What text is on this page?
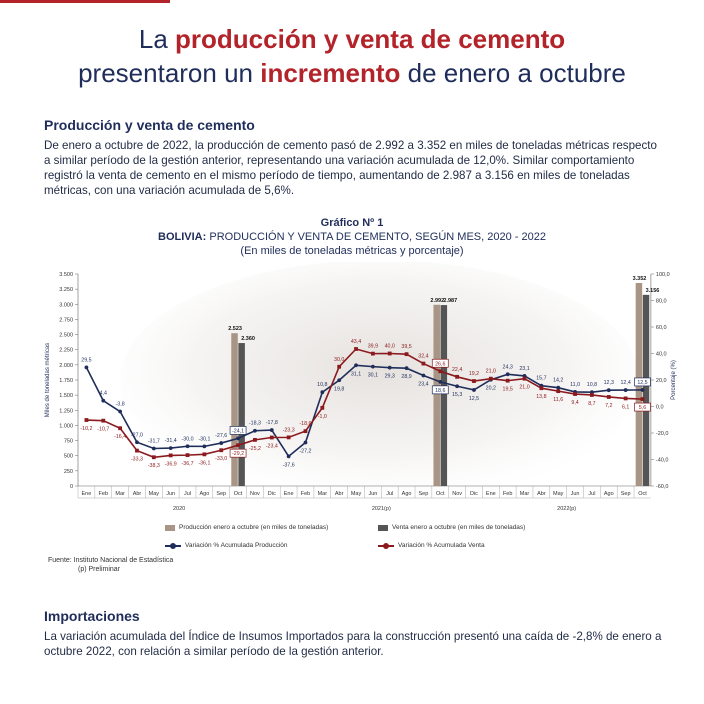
La producción y venta de cemento
presentaron un incremento de enero a octubre
Producción y venta de cemento
De enero a octubre de 2022, la producción de cemento pasó de 2.992 a 3.352 en miles de toneladas métricas respecto a similar período de la gestión anterior, representando una variación acumulada de 12,0%. Similar comportamiento registró la venta de cemento en el mismo período de tiempo, aumentando de 2.987 a 3.156 en miles de toneladas métricas, con una variación acumulada de 5,6%.
Gráfico Nº 1
BOLIVIA: PRODUCCIÓN Y VENTA DE CEMENTO, SEGÚN MES, 2020 - 2022
(En miles de toneladas métricas y porcentaje)
0
250
500
750
1.000
1.250
1.500
1.750
2.000
2.250
2.500
2.750
3.000
3.250
3.500
-60,0
-40,0
-20,0
0,0
20,0
40,0
60,0
80,0
100,0
Miles de toneladas métricas	Porcentaje (%)
Ene Feb Mar Abr May Jun Jul Ago Sep Oct Nov Dic Ene Feb Mar Abr May Jun Jul Ago Sep Oct Nov Dic Ene Feb Mar Abr May Jun Jul Ago Sep Oct
2020	2021(p)	2022(p)
2.523
2.360
2.992 2.987
3.352
3.156
29,5
4,4
-3,8
-27,0
-31,7 -31,4 -30,0 -30,1
-27,6
-24,1
-18,3 -17,8
-37,6
-27,2
10,8
19,8
31,1 30,1 29,3 28,9
23,4
18,6
15,3
12,5
20,2
24,3 23,1
15,7 14,2
11,0 10,8 12,3 12,4 12,5
-10,2 -10,7
-16,4
-33,3
-38,3 -36,9 -36,7 -36,1
-33,0
-29,2
-25,2 -23,4
-23,3
-18,6
-1,0
30,0
43,4
39,9 40,0 39,5
32,4
26,6
22,4
19,2 21,0
19,5 21,0
13,8 11,6 9,4 8,7 7,2 6,1 5,6
Producción enero a octubre (en miles de toneladas)	Venta enero a octubre (en miles de toneladas)
Variación % Acumulada Producción	Variación % Acumulada Venta
Fuente: Instituto Nacional de Estadística
(p) Preliminar
Importaciones
La variación acumulada del Índice de Insumos Importados para la construcción presentó una caída de -2,8% de enero a octubre 2022, con relación a similar período de la gestión anterior.
